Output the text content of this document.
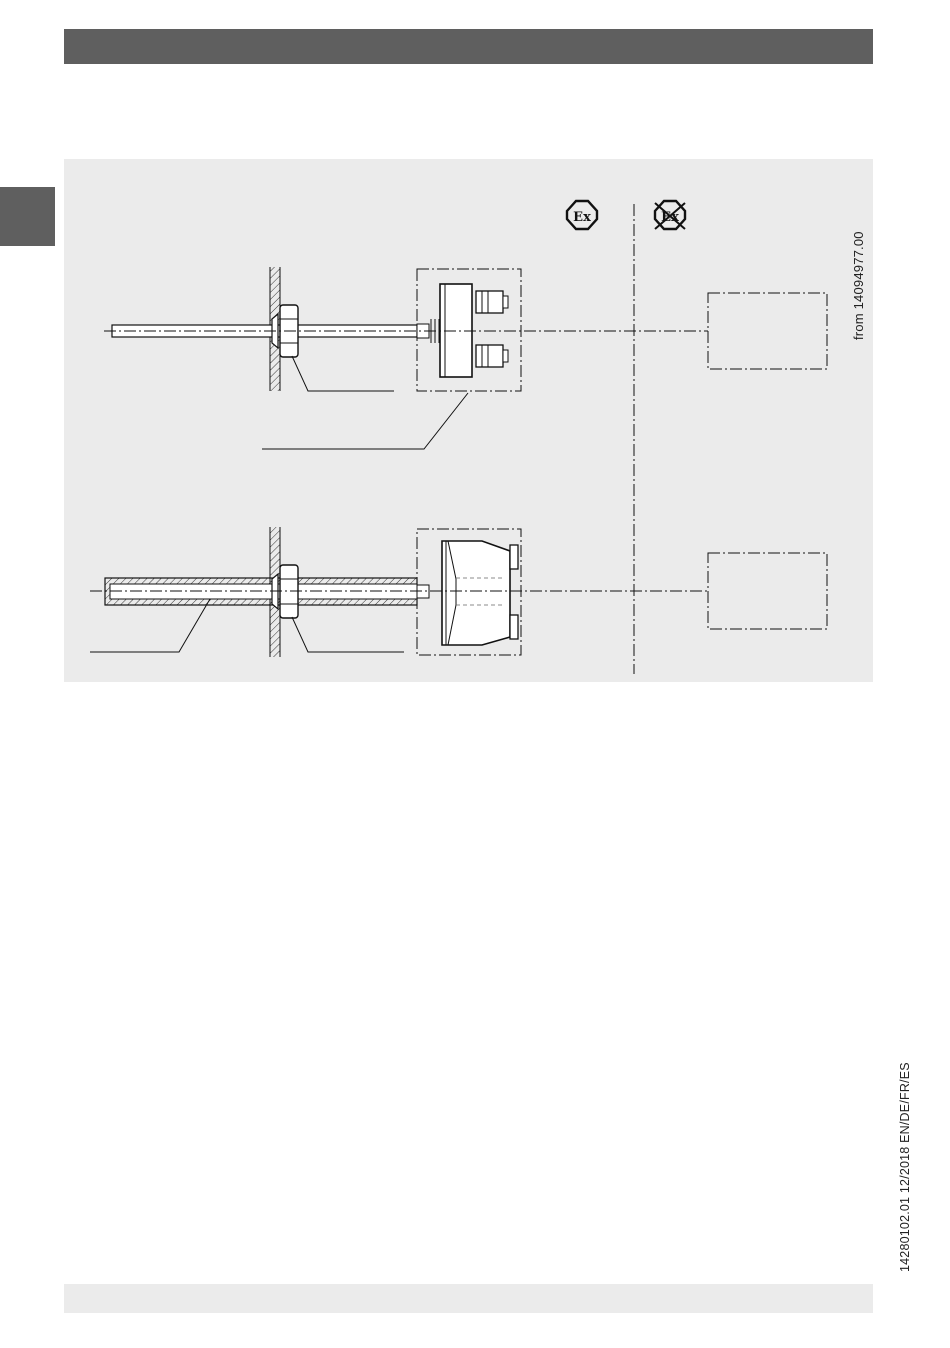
Ex	Ex
from 14094977.00
14280102.01 12/2018 EN/DE/FR/ES
